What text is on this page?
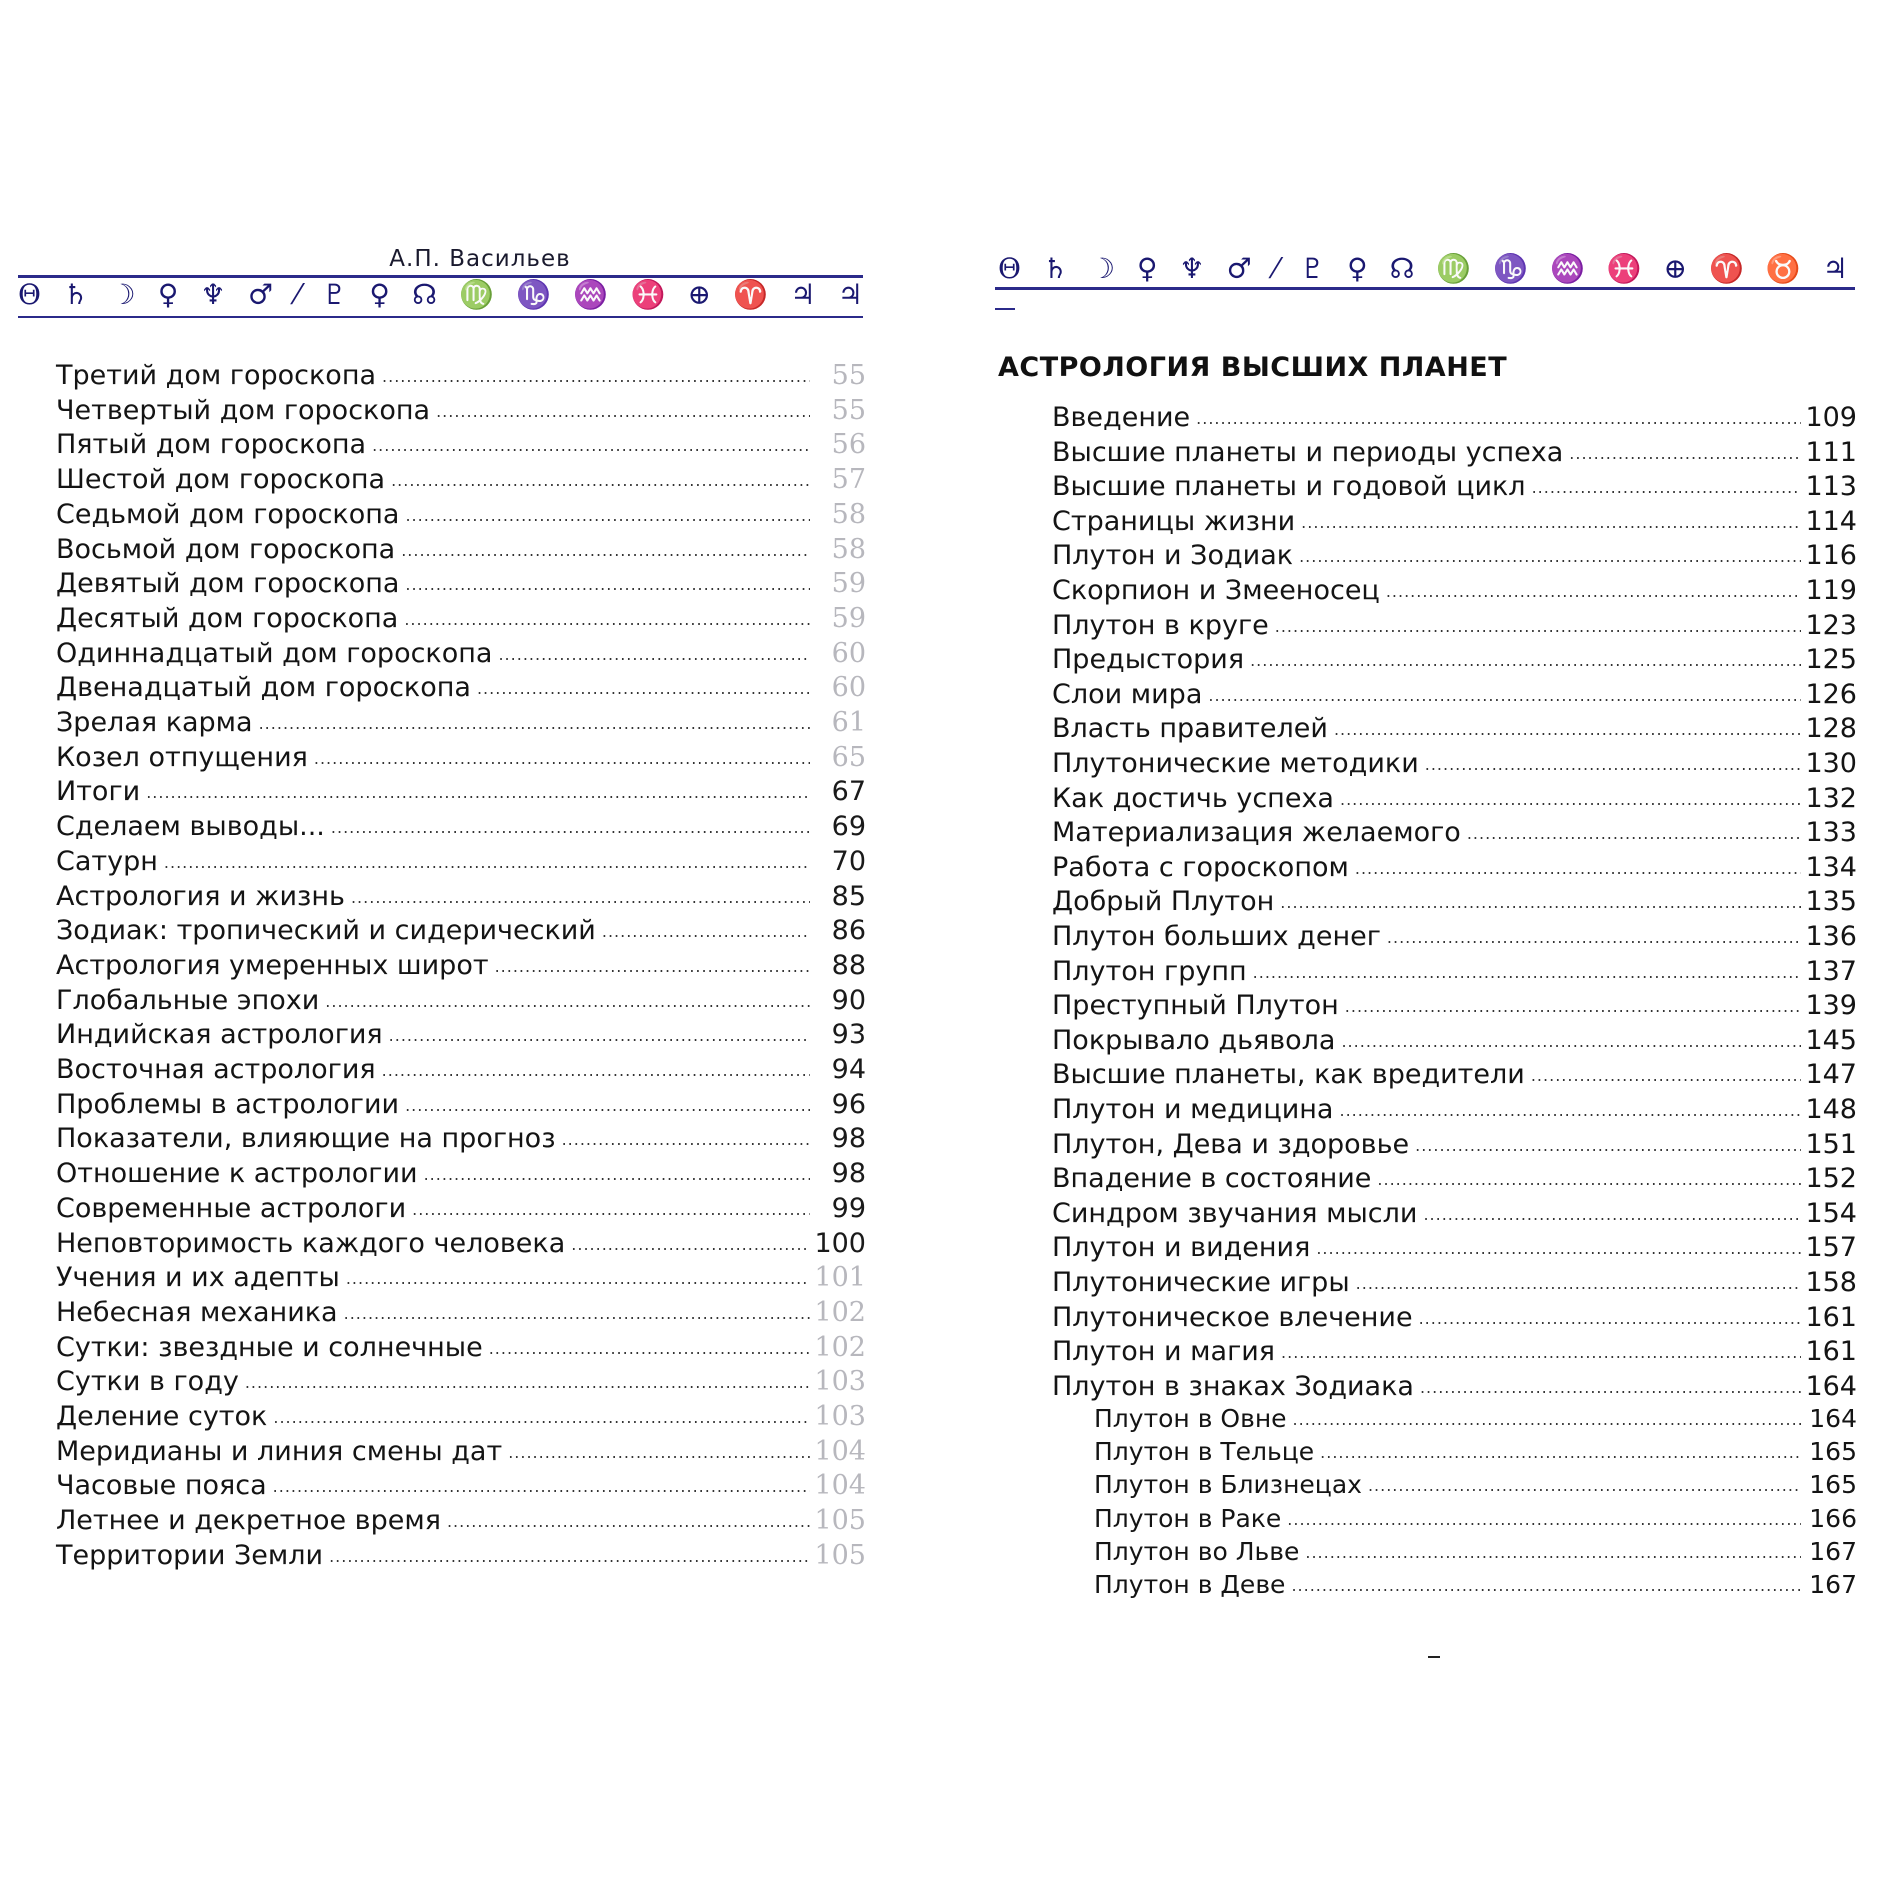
А.П. Васильев
Θ ♄ ☽ ♀ ♆ ♂ ⁄ ♇ ♀ ☊ ♍ ♑ ♒ ♓ ⊕ ♈ ♃ ♃
Третий дом гороскопа .....	55
Четвертый дом гороскопа .....	55
Пятый дом гороскопа .....	56
Шестой дом гороскопа .....	57
Седьмой дом гороскопа .....	58
Восьмой дом гороскопа .....	58
Девятый дом гороскопа .....	59
Десятый дом гороскопа .....	59
Одиннадцатый дом гороскопа .....	60
Двенадцатый дом гороскопа .....	60
Зрелая карма .....	61
Козел отпущения .....	65
Итоги .....	67
Сделаем выводы... .....	69
Сатурн .....	70
Астрология и жизнь .....	85
Зодиак: тропический и сидерический .....	86
Астрология умеренных широт .....	88
Глобальные эпохи .....	90
Индийская астрология .....	93
Восточная астрология .....	94
Проблемы в астрологии .....	96
Показатели, влияющие на прогноз .....	98
Отношение к астрологии .....	98
Современные астрологи .....	99
Неповторимость каждого человека .....	100
Учения и их адепты .....	101
Небесная механика .....	102
Сутки: звездные и солнечные .....	102
Сутки в году .....	103
Деление суток .....	103
Меридианы и линия смены дат .....	104
Часовые пояса .....	104
Летнее и декретное время .....	105
Территории Земли .....	105
Θ ♄ ☽ ♀ ♆ ♂ ⁄ ♇ ♀ ☊ ♍ ♑ ♒ ♓ ⊕ ♈ ♉ ♃
АСТРОЛОГИЯ ВЫСШИХ ПЛАНЕТ
Введение .....	109
Высшие планеты и периоды успеха .....	111
Высшие планеты и годовой цикл .....	113
Страницы жизни .....	114
Плутон и Зодиак .....	116
Скорпион и Змееносец .....	119
Плутон в круге .....	123
Предыстория .....	125
Слои мира .....	126
Власть правителей .....	128
Плутонические методики .....	130
Как достичь успеха .....	132
Материализация желаемого .....	133
Работа с гороскопом .....	134
Добрый Плутон .....	135
Плутон больших денег .....	136
Плутон групп .....	137
Преступный Плутон .....	139
Покрывало дьявола .....	145
Высшие планеты, как вредители .....	147
Плутон и медицина .....	148
Плутон, Дева и здоровье .....	151
Впадение в состояние .....	152
Синдром звучания мысли .....	154
Плутон и видения .....	157
Плутонические игры .....	158
Плутоническое влечение .....	161
Плутон и магия .....	161
Плутон в знаках Зодиака .....	164
Плутон в Овне .....	164
Плутон в Тельце .....	165
Плутон в Близнецах .....	165
Плутон в Раке .....	166
Плутон во Льве .....	167
Плутон в Деве .....	167
